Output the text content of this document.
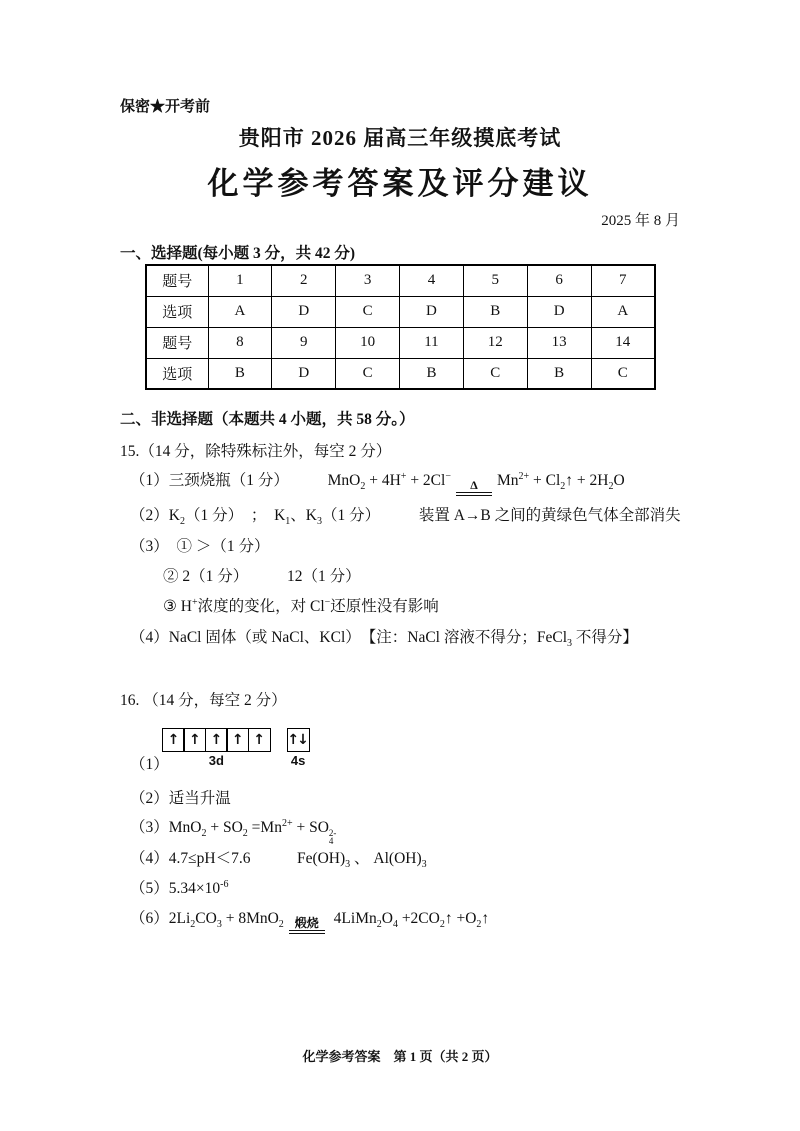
保密★开考前
贵阳市 2026 届高三年级摸底考试
化学参考答案及评分建议
2025 年 8 月
一、选择题(每小题 3 分，共 42 分)
题号	1	2	3	4	5	6	7
选项	A	D	C	D	B	D	A
题号	8	9	10	11	12	13	14
选项	B	D	C	B	C	B	C
二、非选择题（本题共 4 小题，共 58 分。）
15.（14 分，除特殊标注外，每空 2 分）
（1）三颈烧瓶（1 分）　　　MnO$_2$ + 4H+ + 2Cl−
Δ	$Mn^{2+}$ + $Cl_2↑ + 2H_2O$
$(2)K_2(1$ 分）　；　$K_1$、$K_3(1$ 分）　　　装置 A→B 之间的黄绿色气体全部消失
（3）　① ＞（1 分）
② 2（1 分）　　　12（1 分）
③ H+浓度的变化，对 Cl−还原性没有影响
（4）NaCl 固体（或 NaCl、KCl）　【注：NaCl 溶液不得分；FeCl$_3$ 不得分】
16. （14 分，每空 2 分）
（1）
↑ ↑ ↑ ↑ ↑
3d
↑↓
4s
（2）适当升温
$(3)MnO_2 + SO_2 =Mn^{2+}$ + SO 2-
4
（4）4.7≤pH＜7.6　　　$Fe(OH)_3$ 、 $Al(OH)_3$
$(5)5.34\times 10^{-6}$
$(6)2Li_2CO_3 + 8MnO_2$ 煅烧 $4LiMn_2O_4$ $+2CO_2↑$ $+O_2↑$
化学参考答案　第 1 页（共 2 页）
